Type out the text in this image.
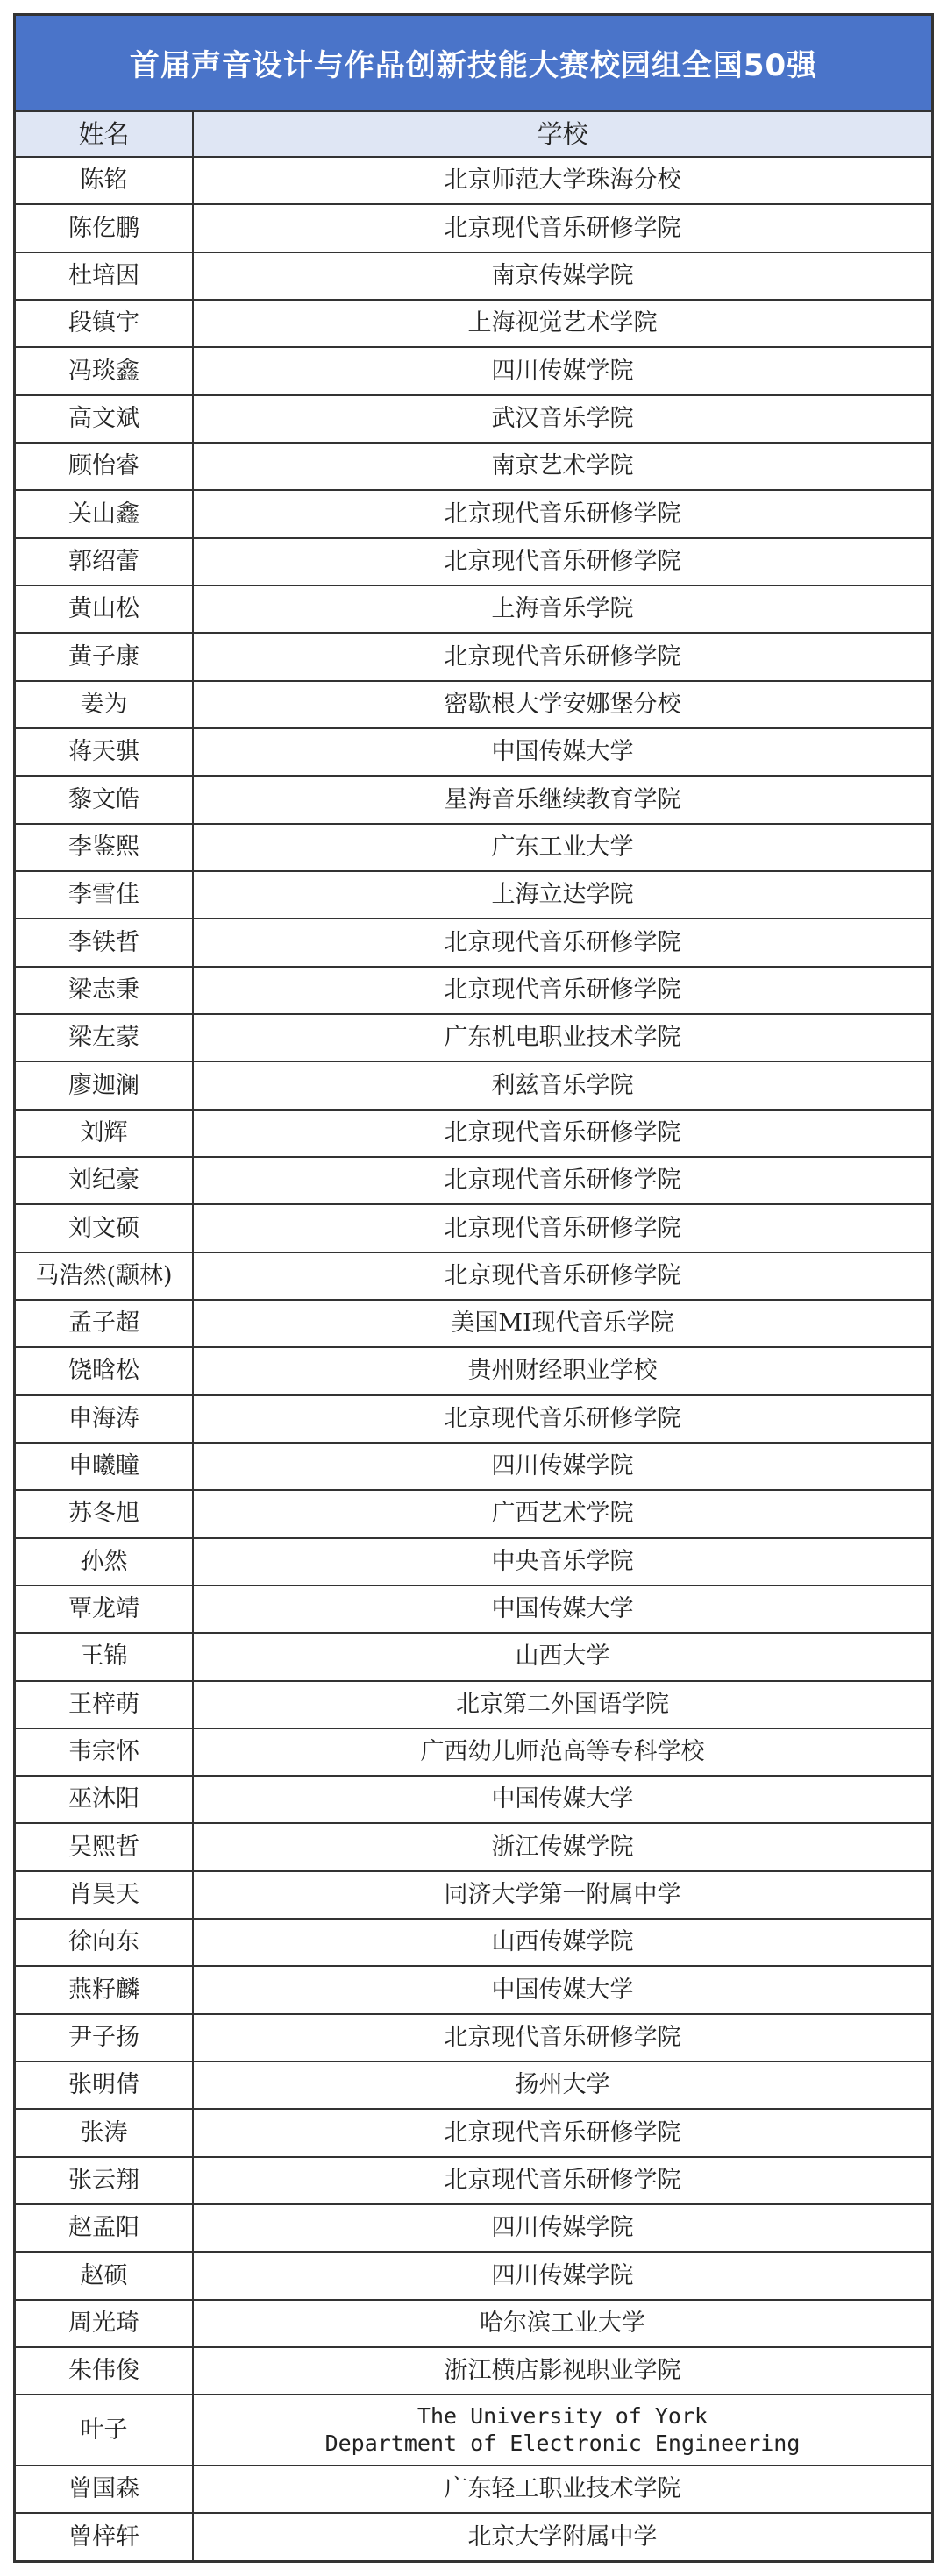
首届声音设计与作品创新技能大赛校园组全国50强
姓名	学校
陈铭	北京师范大学珠海分校
陈仡鹏	北京现代音乐研修学院
杜培因	南京传媒学院
段镇宇	上海视觉艺术学院
冯琰鑫	四川传媒学院
高文斌	武汉音乐学院
顾怡睿	南京艺术学院
关山鑫	北京现代音乐研修学院
郭绍蕾	北京现代音乐研修学院
黄山松	上海音乐学院
黄子康	北京现代音乐研修学院
姜为	密歇根大学安娜堡分校
蒋天骐	中国传媒大学
黎文皓	星海音乐继续教育学院
李鉴熙	广东工业大学
李雪佳	上海立达学院
李铁哲	北京现代音乐研修学院
梁志秉	北京现代音乐研修学院
梁左蒙	广东机电职业技术学院
廖迦澜	利兹音乐学院
刘辉	北京现代音乐研修学院
刘纪豪	北京现代音乐研修学院
刘文硕	北京现代音乐研修学院
马浩然(颥林)	北京现代音乐研修学院
孟子超	美国MI现代音乐学院
饶晗松	贵州财经职业学校
申海涛	北京现代音乐研修学院
申曦瞳	四川传媒学院
苏冬旭	广西艺术学院
孙然	中央音乐学院
覃龙靖	中国传媒大学
王锦	山西大学
王梓萌	北京第二外国语学院
韦宗怀	广西幼儿师范高等专科学校
巫沐阳	中国传媒大学
吴熙哲	浙江传媒学院
肖昊天	同济大学第一附属中学
徐向东	山西传媒学院
燕籽麟	中国传媒大学
尹子扬	北京现代音乐研修学院
张明倩	扬州大学
张涛	北京现代音乐研修学院
张云翔	北京现代音乐研修学院
赵孟阳	四川传媒学院
赵硕	四川传媒学院
周光琦	哈尔滨工业大学
朱伟俊	浙江横店影视职业学院
叶子	The University of York
Department of Electronic Engineering
曾国森	广东轻工职业技术学院
曾梓轩	北京大学附属中学
